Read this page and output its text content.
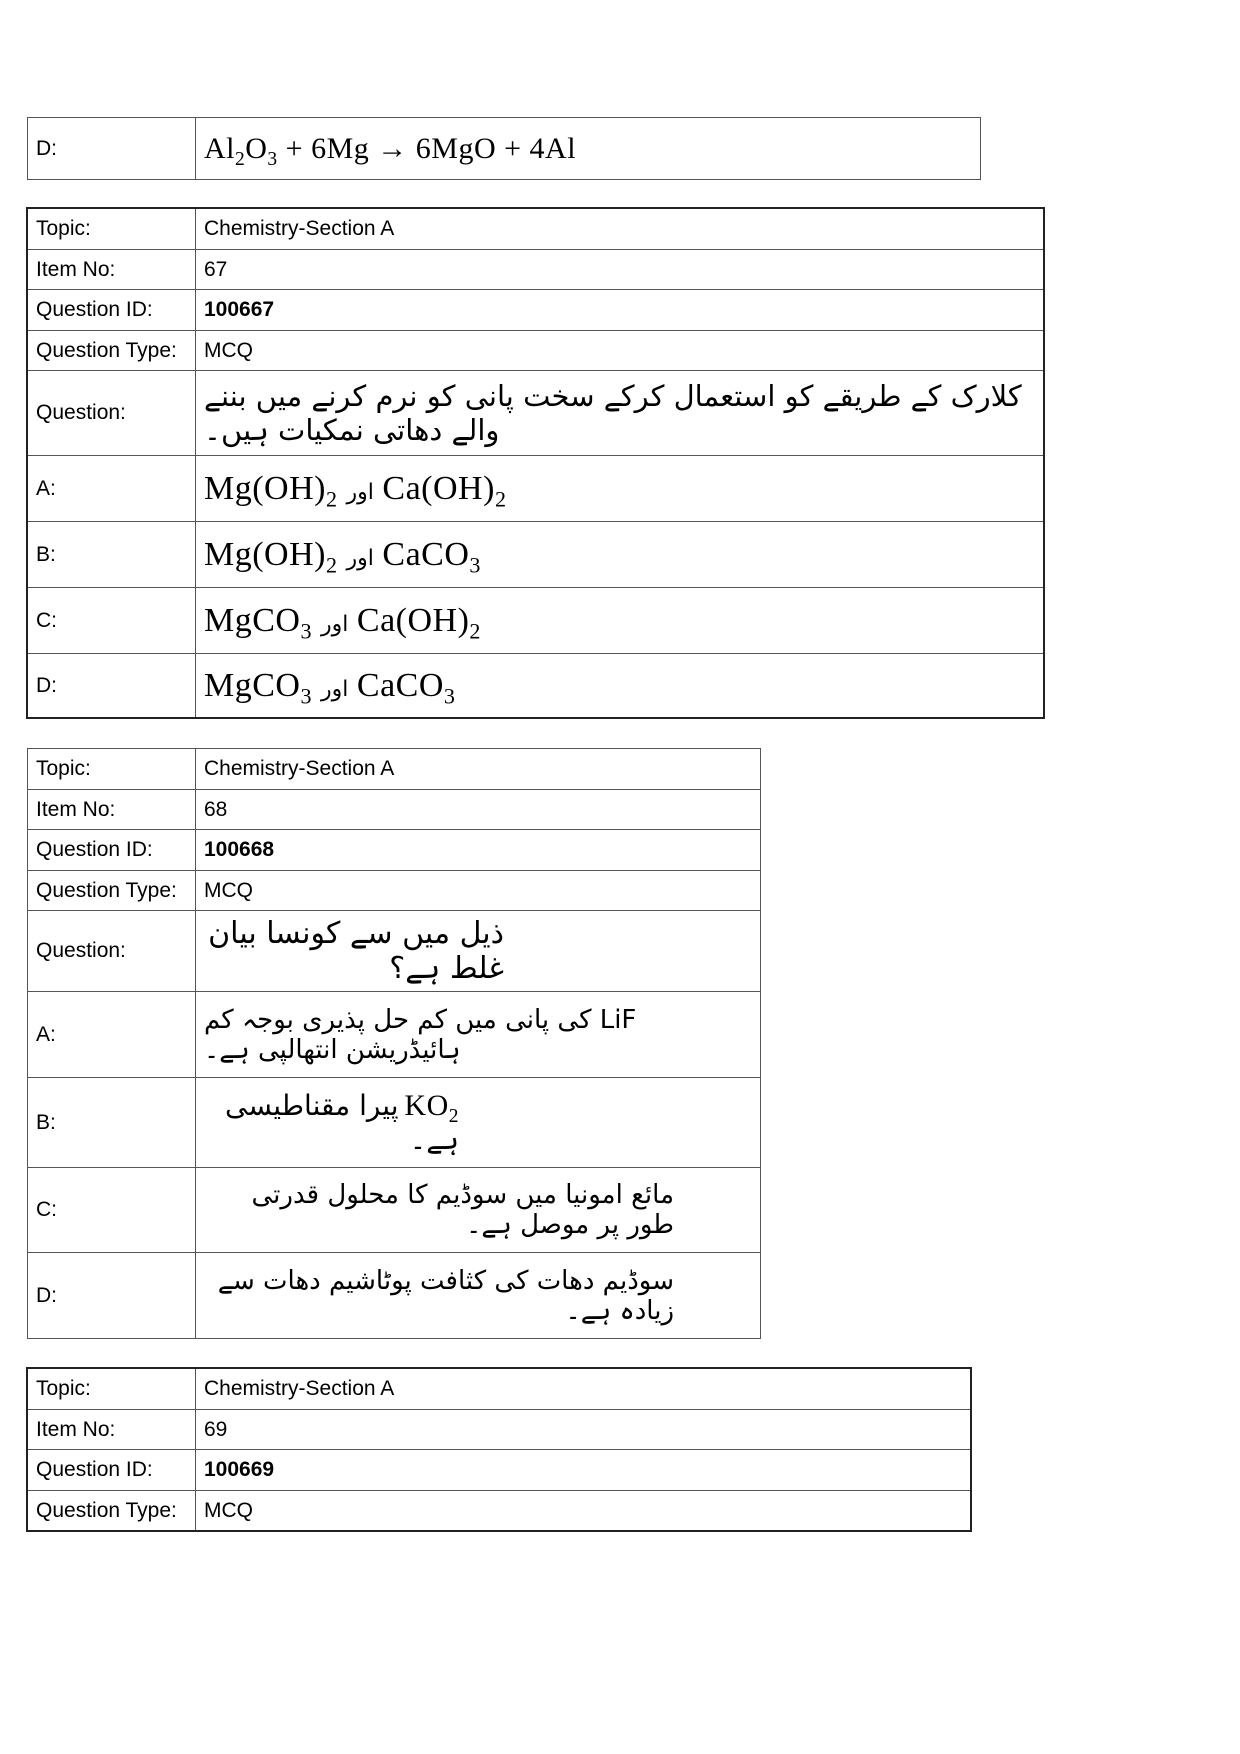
D:	$Al_2O_3 + 6Mg \to 6MgO + 4Al$
Topic:	Chemistry-Section A
Item No:	67
Question ID:	100667
Question Type:	MCQ
Question:	کلارک کے طریقے کو استعمال کرکے سخت پانی کو نرم کرنے میں بننے والے دھاتی نمکیات ہیں۔

A:	$Mg(OH)_2$ اور $Ca(OH)_2$
B:	$Mg(OH)_2$ اور CaCO$_3$
C:	MgCO$_3$ اور $Ca(OH)_2$
D:	MgCO$_3$ اور CaCO$_3$
Topic:	Chemistry-Section A
Item No:	68
Question ID:	100668
Question Type:	MCQ
Question:	ذیل میں سے کونسا بیان غلط ہے؟

A:	LiF کی پانی میں کم حل پذیری بوجہ کم ہائیڈریشن انتھالپی ہے۔

B:	$KO_2$ پیرا مقناطیسی ہے۔

C:	مائع امونیا میں سوڈیم کا محلول قدرتی طور پر موصل ہے۔

D:	سوڈیم دھات کی کثافت پوٹاشیم دھات سے زیادہ ہے۔
Topic:	Chemistry-Section A
Item No:	69
Question ID:	100669
Question Type:	MCQ
